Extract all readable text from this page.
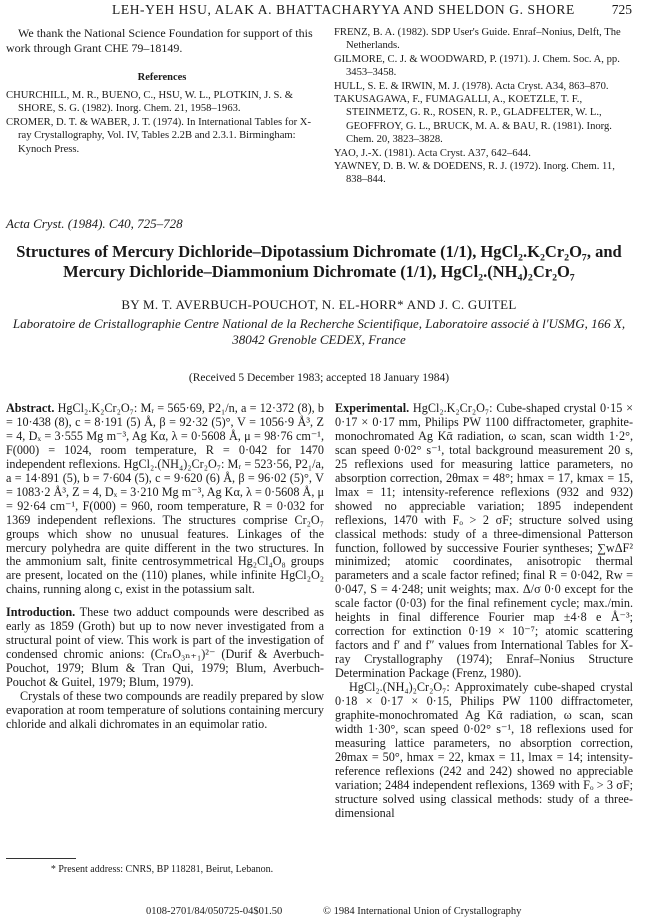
LEH-YEH HSU, ALAK A. BHATTACHARYYA AND SHELDON G. SHORE	725

We thank the National Science Foundation for support of this work through Grant CHE 79–18149.

References

CHURCHILL, M. R., BUENO, C., HSU, W. L., PLOTKIN, J. S. & SHORE, S. G. (1982). Inorg. Chem. 21, 1958–1963.

CROMER, D. T. & WABER, J. T. (1974). In International Tables for X-ray Crystallography, Vol. IV, Tables 2.2B and 2.3.1. Birmingham: Kynoch Press.

FRENZ, B. A. (1982). SDP User's Guide. Enraf–Nonius, Delft, The Netherlands.

GILMORE, C. J. & WOODWARD, P. (1971). J. Chem. Soc. A, pp. 3453–3458.

HULL, S. E. & IRWIN, M. J. (1978). Acta Cryst. A34, 863–870.

TAKUSAGAWA, F., FUMAGALLI, A., KOETZLE, T. F., STEINMETZ, G. R., ROSEN, R. P., GLADFELTER, W. L., GEOFFROY, G. L., BRUCK, M. A. & BAU, R. (1981). Inorg. Chem. 20, 3823–3828.

YAO, J.-X. (1981). Acta Cryst. A37, 642–644.

YAWNEY, D. B. W. & DOEDENS, R. J. (1972). Inorg. Chem. 11, 838–844.

Acta Cryst. (1984). C40, 725–728
Structures of Mercury Dichloride–Dipotassium Dichromate (1/1), HgCl₂.K₂Cr₂O₇, and
Mercury Dichloride–Diammonium Dichromate (1/1), HgCl₂.(NH₄)₂Cr₂O₇
BY M. T. AVERBUCH-POUCHOT, N. EL-HORR* AND J. C. GUITEL
Laboratoire de Cristallographie Centre National de la Recherche Scientifique, Laboratoire associé à l'USMG, 166 X, 38042 Grenoble CEDEX, France
(Received 5 December 1983; accepted 18 January 1984)

Abstract. HgCl₂.K₂Cr₂O₇: Mᵣ = 565·69, P2₁/n, a = 12·372 (8), b = 10·438 (8), c = 8·191 (5) Å, β = 92·32 (5)°, V = 1056·9 Å³, Z = 4, Dₓ = 3·555 Mg m⁻³, Ag Kα, λ = 0·5608 Å, μ = 98·76 cm⁻¹, F(000) = 1024, room temperature, R = 0·042 for 1470 independent reflexions. HgCl₂.(NH₄)₂Cr₂O₇: Mᵣ = 523·56, P2₁/a, a = 14·891 (5), b = 7·604 (5), c = 9·620 (6) Å, β = 96·02 (5)°, V = 1083·2 Å³, Z = 4, Dₓ = 3·210 Mg m⁻³, Ag Kα, λ = 0·5608 Å, μ = 92·64 cm⁻¹, F(000) = 960, room temperature, R = 0·032 for 1369 independent reflexions. The structures comprise Cr₂O₇ groups which show no unusual features. Linkages of the mercury polyhedra are quite different in the two structures. In the ammonium salt, finite centrosymmetrical Hg₂Cl₄O₈ groups are present, located on the (110) planes, while infinite HgCl₂O₂ chains, running along c, exist in the potassium salt.

Introduction. These two adduct compounds were described as early as 1859 (Groth) but up to now never investigated from a structural point of view. This work is part of the investigation of condensed chromic anions: (CrₙO₃ₙ₊₁)²⁻ (Durif & Averbuch-Pouchot, 1979; Blum & Tran Qui, 1979; Blum, Averbuch-Pouchot & Guitel, 1979; Blum, 1979).

Crystals of these two compounds are readily prepared by slow evaporation at room temperature of solutions containing mercury chloride and alkali dichromates in an equimolar ratio.

Experimental. HgCl₂.K₂Cr₂O₇: Cube-shaped crystal 0·15 × 0·17 × 0·17 mm, Philips PW 1100 diffractometer, graphite-monochromated Ag Kᾱ radiation, ω scan, scan width 1·2°, scan speed 0·02° s⁻¹, total background measurement 20 s, 25 reflexions used for measuring lattice parameters, no absorption correction, 2θmax = 48°; hmax = 17, kmax = 15, lmax = 11; intensity-reference reflexions (932 and 932) showed no appreciable variation; 1895 independent reflexions, 1470 with Fₒ > 2 σF; structure solved using classical methods: study of a three-dimensional Patterson function, followed by successive Fourier syntheses; ∑wΔF² minimized; atomic coordinates, anisotropic thermal parameters and a scale factor refined; final R = 0·042, Rw = 0·047, S = 4·248; unit weights; max. Δ/σ 0·0 except for the scale factor (0·03) for the final refinement cycle; max./min. heights in final difference Fourier map ±4·8 e Å⁻³; correction for extinction 0·19 × 10⁻⁷; atomic scattering factors and f′ and f″ values from International Tables for X-ray Crystallography (1974); Enraf–Nonius Structure Determination Package (Frenz, 1980).

HgCl₂.(NH₄)₂Cr₂O₇: Approximately cube-shaped crystal 0·18 × 0·17 × 0·15, Philips PW 1100 diffractometer, graphite-monochromated Ag Kᾱ radiation, ω scan, scan width 1·30°, scan speed 0·02° s⁻¹, 18 reflexions used for measuring lattice parameters, no absorption correction, 2θmax = 50°, hmax = 22, kmax = 11, lmax = 14; intensity-reference reflexions (242 and 242) showed no appreciable variation; 2484 independent reflexions, 1369 with Fₒ > 3 σF; structure solved using classical methods: study of a three-dimensional

* Present address: CNRS, BP 118281, Beirut, Lebanon.
0108-2701/84/050725-04$01.50	© 1984 International Union of Crystallography
